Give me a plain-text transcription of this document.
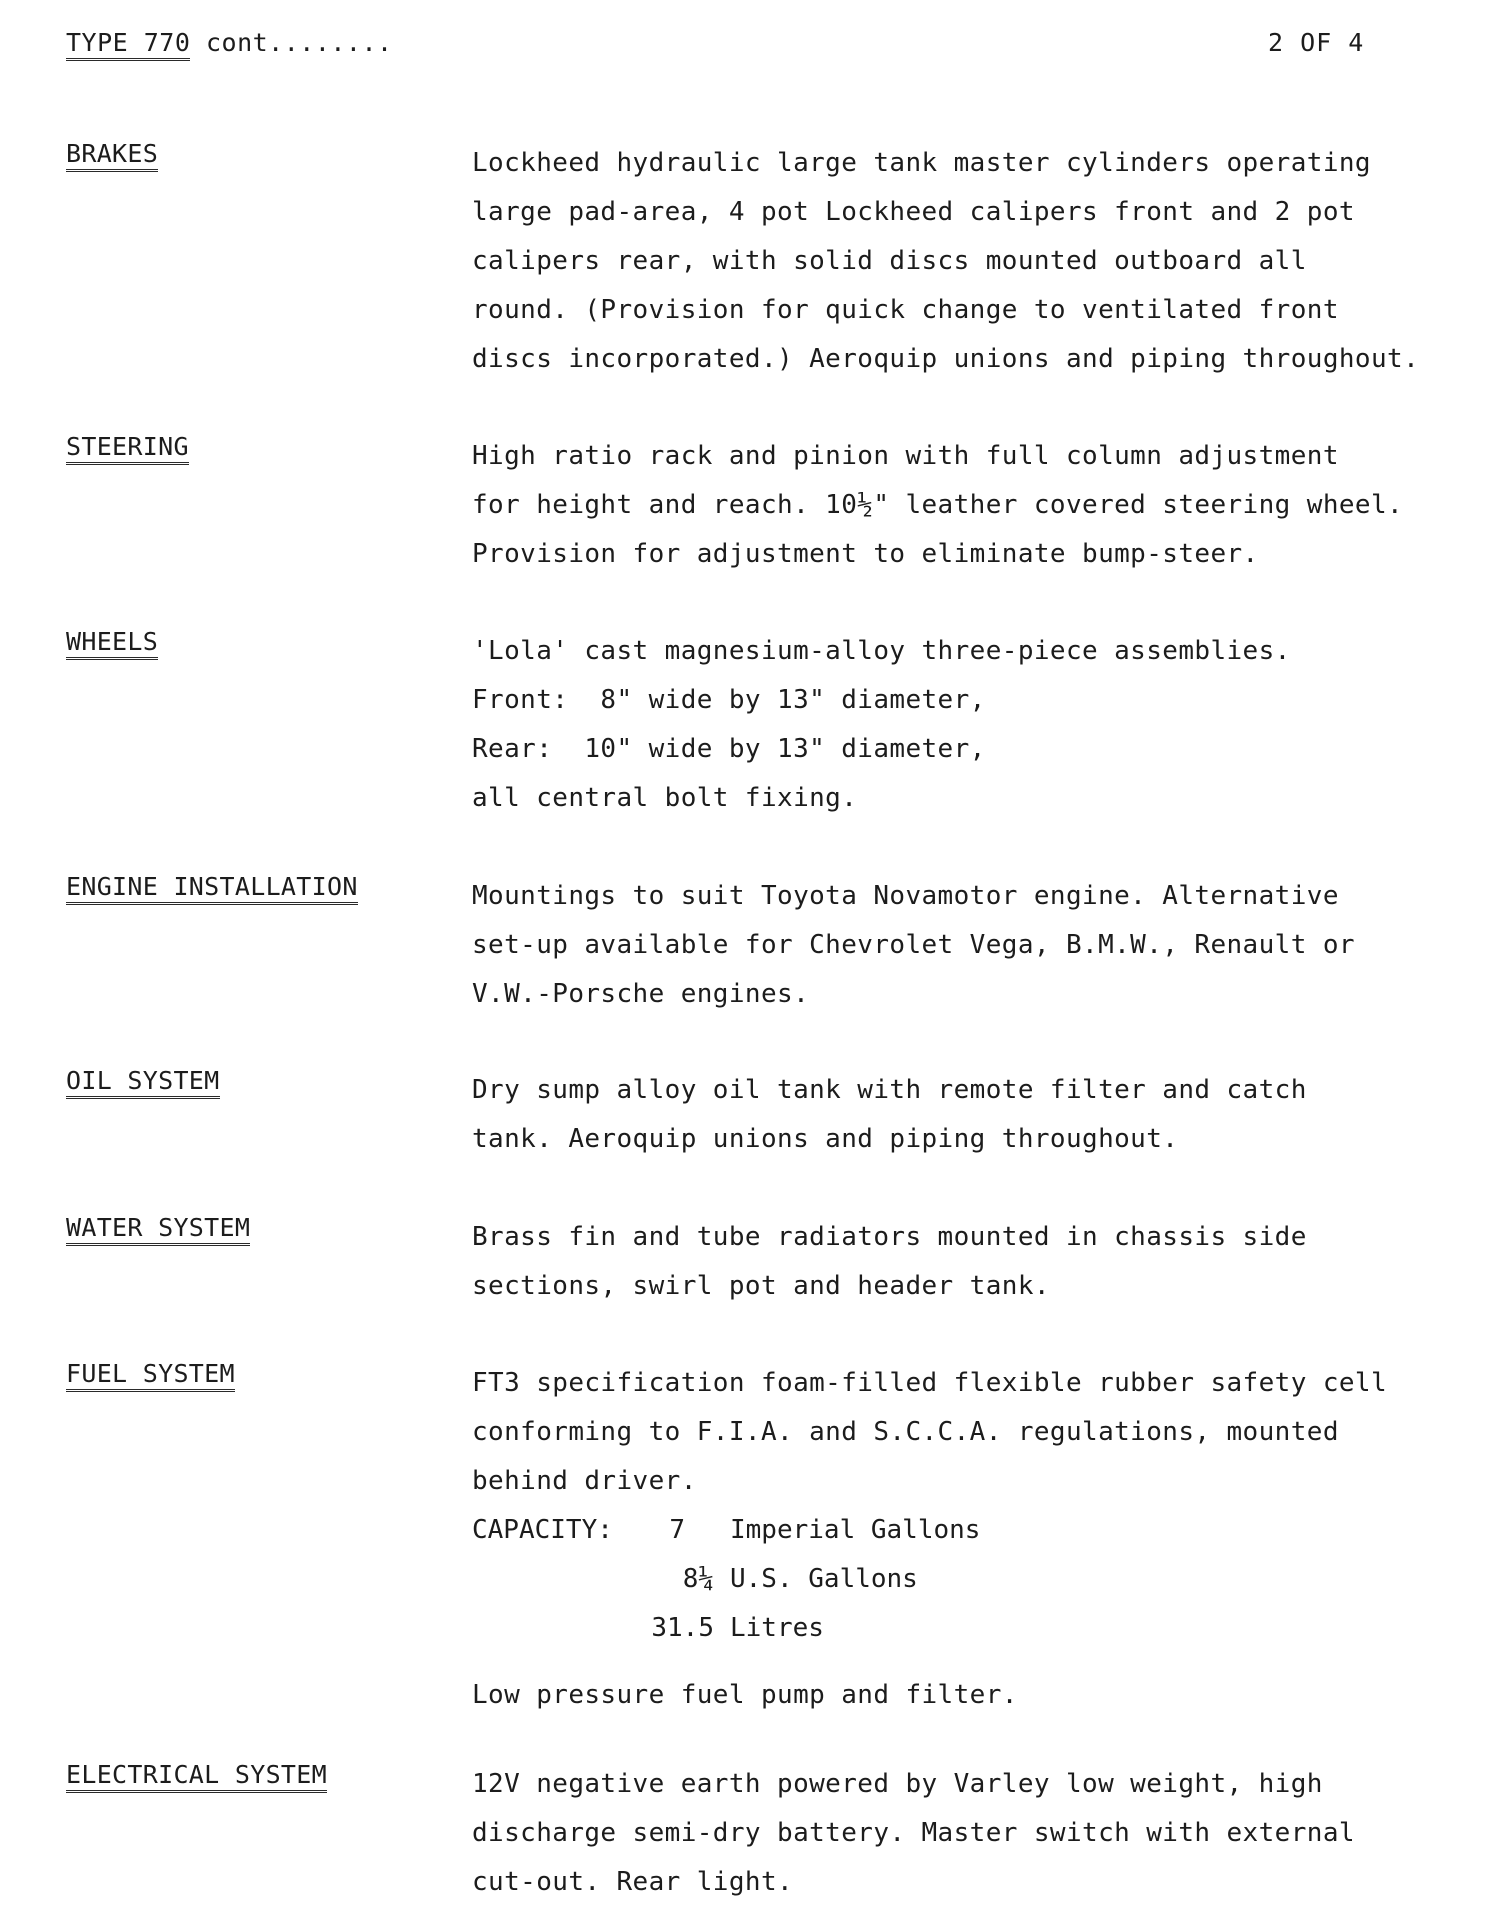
TYPE 770 cont........	2 OF 4
BRAKES	Lockheed hydraulic large tank master cylinders operating
large pad-area, 4 pot Lockheed calipers front and 2 pot
calipers rear, with solid discs mounted outboard all
round. (Provision for quick change to ventilated front
discs incorporated.) Aeroquip unions and piping throughout.
STEERING	High ratio rack and pinion with full column adjustment
for height and reach. 10½" leather covered steering wheel.
Provision for adjustment to eliminate bump-steer.
WHEELS	'Lola' cast magnesium-alloy three-piece assemblies.
Front:  8" wide by 13" diameter,
Rear:  10" wide by 13" diameter,
all central bolt fixing.
ENGINE INSTALLATION	Mountings to suit Toyota Novamotor engine. Alternative
set-up available for Chevrolet Vega, B.M.W., Renault or
V.W.-Porsche engines.
OIL SYSTEM	Dry sump alloy oil tank with remote filter and catch
tank. Aeroquip unions and piping throughout.
WATER SYSTEM	Brass fin and tube radiators mounted in chassis side
sections, swirl pot and header tank.
FUEL SYSTEM	FT3 specification foam-filled flexible rubber safety cell
conforming to F.I.A. and S.C.C.A. regulations, mounted
behind driver.
CAPACITY:	7 Imperial Gallons
8¼ U.S. Gallons
31.5 Litres
Low pressure fuel pump and filter.
ELECTRICAL SYSTEM	12V negative earth powered by Varley low weight, high
discharge semi-dry battery. Master switch with external
cut-out. Rear light.
